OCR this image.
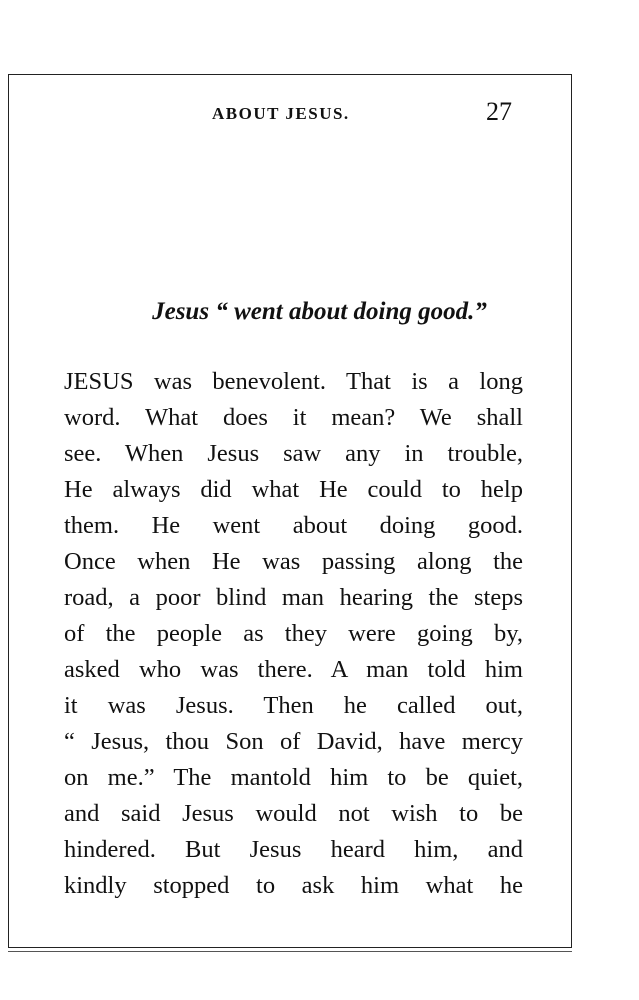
ABOUT JESUS.	27
Jesus “ went about doing good.”
JESUS was benevolent. That is a long
word. What does it mean? We shall
see. When Jesus saw any in trouble,
He always did what He could to help
them. He went about doing good.
Once when He was passing along the
road, a poor blind man hearing the steps
of the people as they were going by,
asked who was there. A man told him
it was Jesus. Then he called out,
“ Jesus, thou Son of David, have mercy
on me.” The mantold him to be quiet,
and said Jesus would not wish to be
hindered. But Jesus heard him, and
kindly stopped to ask him what he
